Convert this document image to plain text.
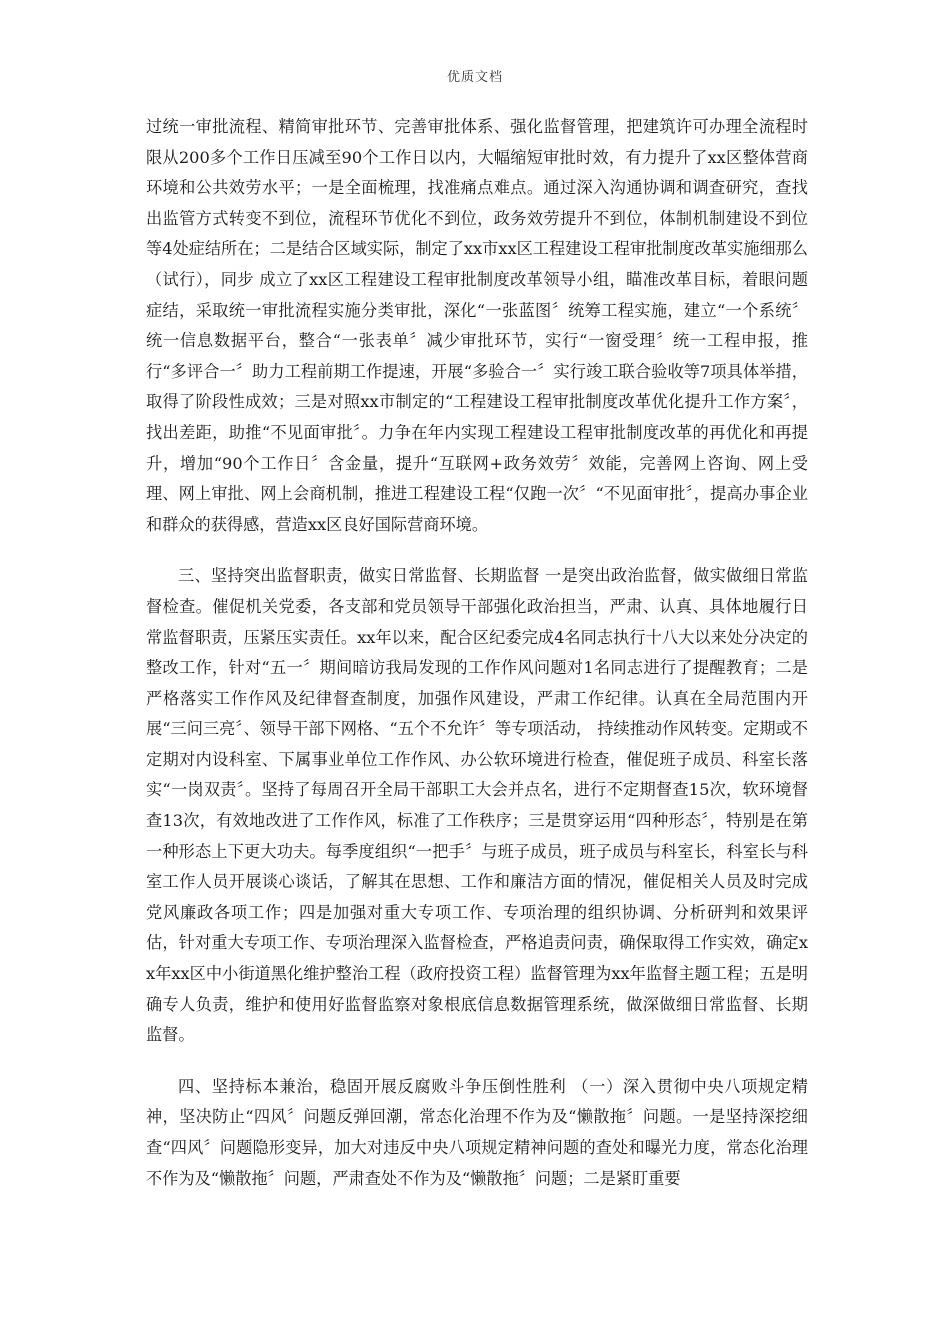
优质文档

过统一审批流程、精简审批环节、完善审批体系、强化监督管理，把建筑许可办理全流程时限从200多个工作日压减至90个工作日以内，大幅缩短审批时效，有力提升了xx区整体营商环境和公共效劳水平；一是全面梳理，找准痛点难点。通过深入沟通协调和调查研究，查找出监管方式转变不到位，流程环节优化不到位，政务效劳提升不到位，体制机制建设不到位等4处症结所在；二是结合区域实际，制定了xx市xx区工程建设工程审批制度改革实施细那么（试行），同步 成立了xx区工程建设工程审批制度改革领导小组，瞄准改革目标，着眼问题症结，采取统一审批流程实施分类审批，深化“一张蓝图〞统筹工程实施，建立“一个系统〞统一信息数据平台，整合“一张表单〞减少审批环节，实行“一窗受理〞统一工程申报，推行“多评合一〞助力工程前期工作提速，开展“多验合一〞实行竣工联合验收等7项具体举措，取得了阶段性成效；三是对照xx市制定的“工程建设工程审批制度改革优化提升工作方案〞，找出差距，助推“不见面审批〞。力争在年内实现工程建设工程审批制度改革的再优化和再提升，增加“90个工作日〞含金量，提升“互联网+政务效劳〞效能，完善网上咨询、网上受理、网上审批、网上会商机制，推进工程建设工程“仅跑一次〞“不见面审批〞，提高办事企业和群众的获得感，营造xx区良好国际营商环境。

三、坚持突出监督职责，做实日常监督、长期监督 一是突出政治监督，做实做细日常监督检查。催促机关党委，各支部和党员领导干部强化政治担当，严肃、认真、具体地履行日常监督职责，压紧压实责任。xx年以来，配合区纪委完成4名同志执行十八大以来处分决定的整改工作，针对“五一〞期间暗访我局发现的工作作风问题对1名同志进行了提醒教育；二是严格落实工作作风及纪律督查制度，加强作风建设，严肃工作纪律。认真在全局范围内开展“三问三亮〞、领导干部下网格、“五个不允许〞等专项活动， 持续推动作风转变。定期或不定期对内设科室、下属事业单位工作作风、办公软环境进行检查，催促班子成员、科室长落实“一岗双责〞。坚持了每周召开全局干部职工大会并点名，进行不定期督查15次，软环境督查13次，有效地改进了工作作风，标准了工作秩序；三是贯穿运用“四种形态〞，特别是在第一种形态上下更大功夫。每季度组织“一把手〞与班子成员，班子成员与科室长，科室长与科室工作人员开展谈心谈话，了解其在思想、工作和廉洁方面的情况，催促相关人员及时完成党风廉政各项工作；四是加强对重大专项工作、专项治理的组织协调、分析研判和效果评估，针对重大专项工作、专项治理深入监督检查，严格追责问责，确保取得工作实效，确定xx年xx区中小街道黑化维护整治工程（政府投资工程）监督管理为xx年监督主题工程；五是明确专人负责，维护和使用好监督监察对象根底信息数据管理系统，做深做细日常监督、长期监督。

四、坚持标本兼治，稳固开展反腐败斗争压倒性胜利 （一）深入贯彻中央八项规定精神，坚决防止“四风〞问题反弹回潮，常态化治理不作为及“懒散拖〞问题。一是坚持深挖细查“四风〞问题隐形变异，加大对违反中央八项规定精神问题的查处和曝光力度，常态化治理不作为及“懒散拖〞问题，严肃查处不作为及“懒散拖〞问题；二是紧盯重要
